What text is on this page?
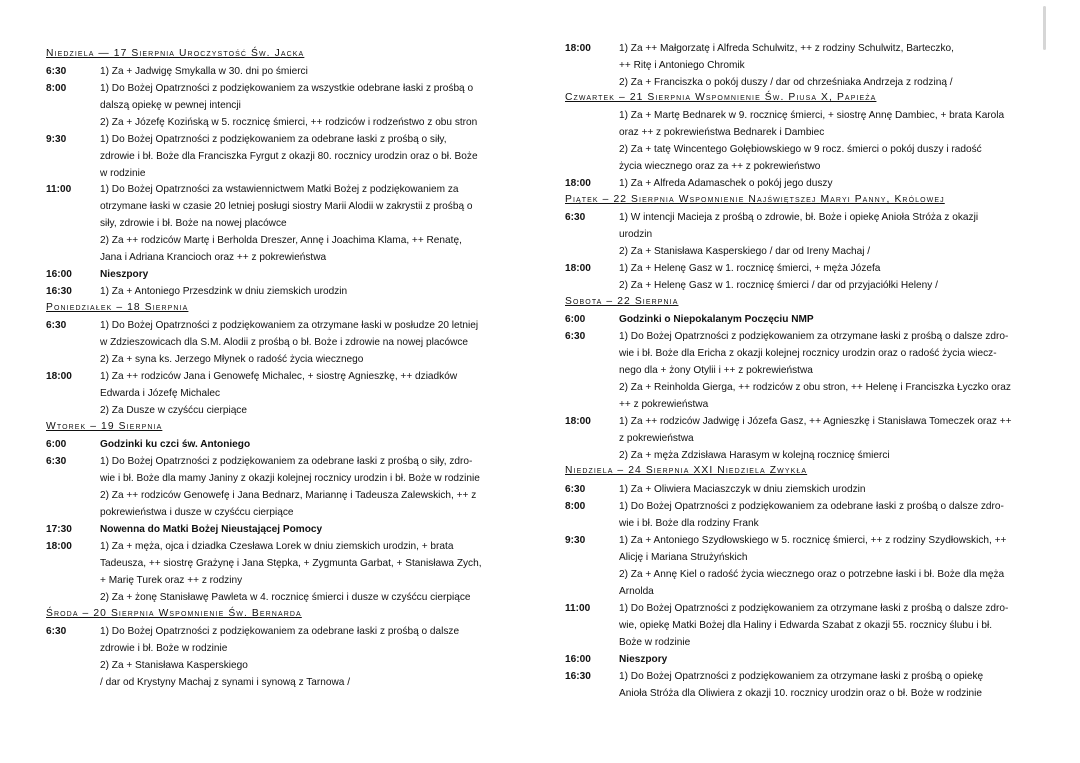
Niedziela — 17 Sierpnia Uroczystość Św. Jacka
6:30	1) Za + Jadwigę Smykalla w 30. dni po śmierci
8:00	1) Do Bożej Opatrzności z podziękowaniem za wszystkie odebrane łaski z prośbą o
dalszą opiekę w pewnej intencji
2) Za + Józefę Kozińską w 5. rocznicę śmierci, ++ rodziców i rodzeństwo z obu stron
9:30	1) Do Bożej Opatrzności z podziękowaniem za odebrane łaski z prośbą o siły,
zdrowie i bł. Boże dla Franciszka Fyrgut z okazji 80. rocznicy urodzin oraz o bł. Boże
w rodzinie
11:00	1) Do Bożej Opatrzności za wstawiennictwem Matki Bożej z podziękowaniem za
otrzymane łaski w czasie 20 letniej posługi siostry Marii Alodii w zakrystii z prośbą o
siły, zdrowie i bł. Boże na nowej placówce
2) Za ++ rodziców Martę i Berholda Dreszer, Annę i Joachima Klama, ++ Renatę,
Jana i Adriana Krancioch oraz ++ z pokrewieństwa
16:00	Nieszpory
16:30	1) Za + Antoniego Przesdzink w dniu ziemskich urodzin
Poniedziałek – 18 Sierpnia
6:30	1) Do Bożej Opatrzności z podziękowaniem za otrzymane łaski w posłudze 20 letniej
w Zdzieszowicach dla S.M. Alodii z prośbą o bł. Boże i zdrowie na nowej placówce
2) Za + syna ks. Jerzego Młynek o radość życia wiecznego
18:00	1) Za ++ rodziców Jana i Genowefę Michalec, + siostrę Agnieszkę, ++ dziadków
Edwarda i Józefę Michalec
2) Za Dusze w czyśćcu cierpiące
Wtorek – 19 Sierpnia
6:00	Godzinki ku czci św. Antoniego
6:30	1) Do Bożej Opatrzności z podziękowaniem za odebrane łaski z prośbą o siły, zdro-
wie i bł. Boże dla mamy Janiny z okazji kolejnej rocznicy urodzin i bł. Boże w rodzinie
2) Za ++ rodziców Genowefę i Jana Bednarz, Mariannę i Tadeusza Zalewskich, ++ z
pokrewieństwa i dusze w czyśćcu cierpiące
17:30	Nowenna do Matki Bożej Nieustającej Pomocy
18:00	1) Za + męża, ojca i dziadka Czesława Lorek w dniu ziemskich urodzin, + brata
Tadeusza, ++ siostrę Grażynę i Jana Stępka, + Zygmunta Garbat, + Stanisława Zych,
+ Marię Turek oraz ++ z rodziny
2) Za + żonę Stanisławę Pawleta w 4. rocznicę śmierci i dusze w czyśćcu cierpiące
Środa – 20 Sierpnia Wspomnienie Św. Bernarda
6:30	1) Do Bożej Opatrzności z podziękowaniem za odebrane łaski z prośbą o dalsze
zdrowie i bł. Boże w rodzinie
2) Za + Stanisława Kasperskiego
/ dar od Krystyny Machaj z synami i synową z Tarnowa /
18:00	1) Za ++ Małgorzatę i Alfreda Schulwitz, ++ z rodziny Schulwitz, Barteczko,
++ Ritę i Antoniego Chromik
2) Za + Franciszka o pokój duszy / dar od chrześniaka Andrzeja z rodziną /
Czwartek – 21 Sierpnia Wspomnienie Św. Piusa X, Papieża
1) Za + Martę Bednarek w 9. rocznicę śmierci, + siostrę Annę Dambiec, + brata Karola
oraz ++ z pokrewieństwa Bednarek i Dambiec
2) Za + tatę Wincentego Gołębiowskiego w 9 rocz. śmierci o pokój duszy i radość
życia wiecznego oraz za ++ z pokrewieństwo
18:00	1) Za + Alfreda Adamaschek o pokój jego duszy
Piątek – 22 Sierpnia Wspomnienie Najświętszej Maryi Panny, Królowej
6:30	1) W intencji Macieja z prośbą o zdrowie, bł. Boże i opiekę Anioła Stróża z okazji
urodzin
2) Za + Stanisława Kasperskiego / dar od Ireny Machaj /
18:00	1) Za + Helenę Gasz w 1. rocznicę śmierci, + męża Józefa
2) Za + Helenę Gasz w 1. rocznicę śmierci / dar od przyjaciółki Heleny /
Sobota – 22 Sierpnia
6:00	Godzinki o Niepokalanym Poczęciu NMP
6:30	1) Do Bożej Opatrzności z podziękowaniem za otrzymane łaski z prośbą o dalsze zdro-
wie i bł. Boże dla Ericha z okazji kolejnej rocznicy urodzin oraz o radość życia wiecz-
nego dla + żony Otylii i ++ z pokrewieństwa
2) Za + Reinholda Gierga, ++ rodziców z obu stron, ++ Helenę i Franciszka Łyczko oraz
++ z pokrewieństwa
18:00	1) Za ++ rodziców Jadwigę i Józefa Gasz, ++ Agnieszkę i Stanisława Tomeczek oraz ++
z pokrewieństwa
2) Za + męża Zdzisława Harasym w kolejną rocznicę śmierci
Niedziela – 24 Sierpnia XXI Niedziela Zwykła
6:30	1) Za + Oliwiera Maciaszczyk w dniu ziemskich urodzin
8:00	1) Do Bożej Opatrzności z podziękowaniem za odebrane łaski z prośbą o dalsze zdro-
wie i bł. Boże dla rodziny Frank
9:30	1) Za + Antoniego Szydłowskiego w 5. rocznicę śmierci, ++ z rodziny Szydłowskich, ++
Alicję i Mariana Strużyńskich
2) Za + Annę Kiel o radość życia wiecznego oraz o potrzebne łaski i bł. Boże dla męża
Arnolda
11:00	1) Do Bożej Opatrzności z podziękowaniem za otrzymane łaski z prośbą o dalsze zdro-
wie, opiekę Matki Bożej dla Haliny i Edwarda Szabat z okazji 55. rocznicy ślubu i bł.
Boże w rodzinie
16:00	Nieszpory
16:30	1) Do Bożej Opatrzności z podziękowaniem za otrzymane łaski z prośbą o opiekę
Anioła Stróża dla Oliwiera z okazji 10. rocznicy urodzin oraz o bł. Boże w rodzinie
